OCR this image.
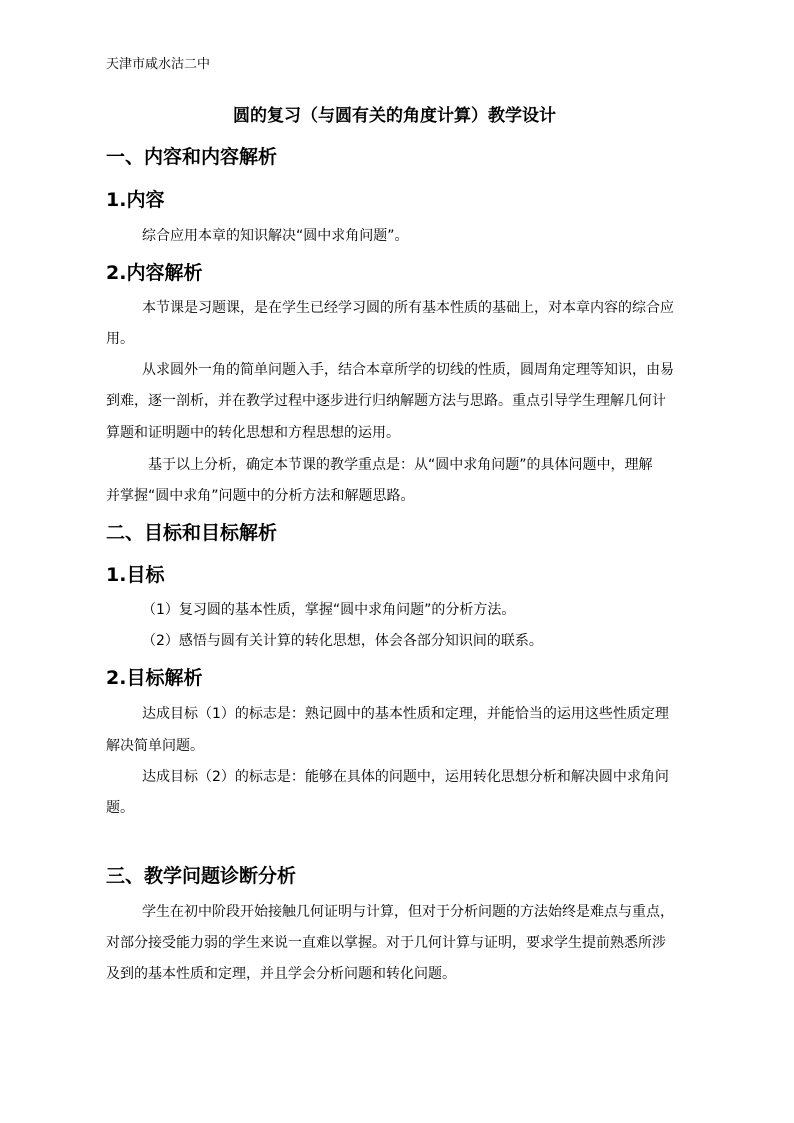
天津市咸水沽二中
圆的复习（与圆有关的角度计算）教学设计
一、内容和内容解析
1.内容
综合应用本章的知识解决“圆中求角问题”。
2.内容解析
本节课是习题课，是在学生已经学习圆的所有基本性质的基础上，对本章内容的综合应
用。
从求圆外一角的简单问题入手，结合本章所学的切线的性质，圆周角定理等知识，由易
到难，逐一剖析，并在教学过程中逐步进行归纳解题方法与思路。重点引导学生理解几何计
算题和证明题中的转化思想和方程思想的运用。
基于以上分析，确定本节课的教学重点是：从“圆中求角问题”的具体问题中，理解
并掌握“圆中求角”问题中的分析方法和解题思路。
二、目标和目标解析
1.目标
（1）复习圆的基本性质，掌握“圆中求角问题”的分析方法。
（2）感悟与圆有关计算的转化思想，体会各部分知识间的联系。
2.目标解析
达成目标（1）的标志是：熟记圆中的基本性质和定理，并能恰当的运用这些性质定理
解决简单问题。
达成目标（2）的标志是：能够在具体的问题中，运用转化思想分析和解决圆中求角问
题。
三、教学问题诊断分析
学生在初中阶段开始接触几何证明与计算，但对于分析问题的方法始终是难点与重点，
对部分接受能力弱的学生来说一直难以掌握。对于几何计算与证明，要求学生提前熟悉所涉
及到的基本性质和定理，并且学会分析问题和转化问题。
